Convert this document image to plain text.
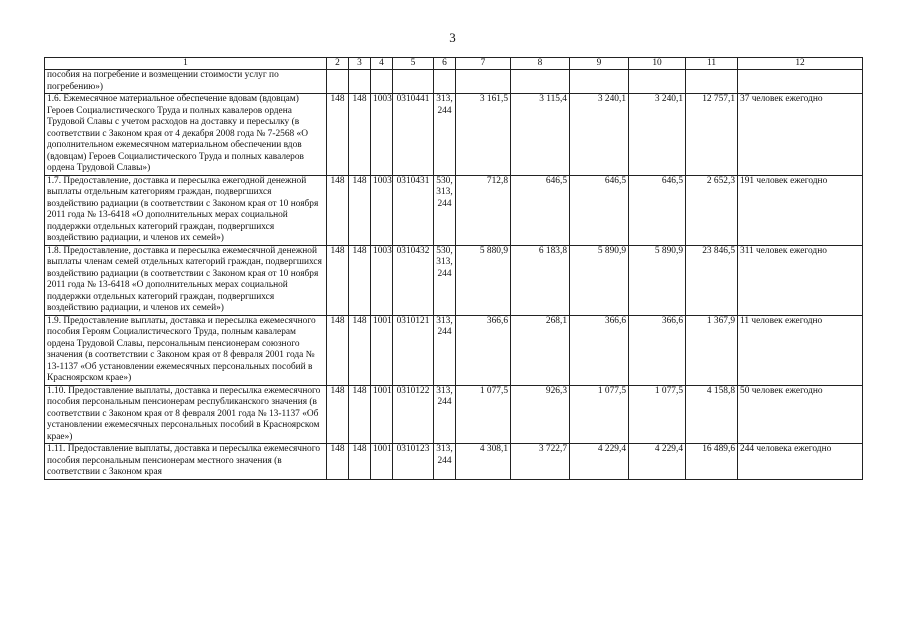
3
1	2	3	4	5	6	7	8	9	10	11	12
пособия на погребение и возмещении стоимости услуг по погребению»)											
1.6. Ежемесячное материальное обеспечение вдовам (вдовцам) Героев Социалистического Труда и полных кавалеров ордена Трудовой Славы с учетом расходов на доставку и пересылку (в соответствии с Законом края от 4 декабря 2008 года № 7-2568 «О дополнительном ежемесячном материальном обеспечении вдов (вдовцам) Героев Социалистического Труда и полных кавалеров ордена Трудовой Славы»)	148	148	1003	0310441	313, 244	3 161,5	3 115,4	3 240,1	3 240,1	12 757,1	37 человек ежегодно
1.7. Предоставление, доставка и пересылка ежегодной денежной выплаты отдельным категориям граждан, подвергшихся воздействию радиации (в соответствии с Законом края от 10 ноября 2011 года № 13-6418 «О дополнительных мерах социальной поддержки отдельных категорий граждан, подвергшихся воздействию радиации, и членов их семей»)	148	148	1003	0310431	530, 313, 244	712,8	646,5	646,5	646,5	2 652,3	191 человек ежегодно
1.8. Предоставление, доставка и пересылка ежемесячной денежной выплаты членам семей отдельных категорий граждан, подвергшихся воздействию радиации (в соответствии с Законом края от 10 ноября 2011 года № 13-6418 «О дополнительных мерах социальной поддержки отдельных категорий граждан, подвергшихся воздействию радиации, и членов их семей»)	148	148	1003	0310432	530, 313, 244	5 880,9	6 183,8	5 890,9	5 890,9	23 846,5	311 человек ежегодно
1.9. Предоставление выплаты, доставка и пересылка ежемесячного пособия Героям Социалистического Труда, полным кавалерам ордена Трудовой Славы, персональным пенсионерам союзного значения (в соответствии с Законом края от 8 февраля 2001 года № 13-1137 «Об установлении ежемесячных персональных пособий в Красноярском крае»)	148	148	1001	0310121	313, 244	366,6	268,1	366,6	366,6	1 367,9	11 человек ежегодно
1.10. Предоставление выплаты, доставка и пересылка ежемесячного пособия персональным пенсионерам республиканского значения (в соответствии с Законом края от 8 февраля 2001 года № 13-1137 «Об установлении ежемесячных персональных пособий в Красноярском крае»)	148	148	1001	0310122	313, 244	1 077,5	926,3	1 077,5	1 077,5	4 158,8	50 человек ежегодно
1.11. Предоставление выплаты, доставка и пересылка ежемесячного пособия персональным пенсионерам местного значения (в соответствии с Законом края	148	148	1001	0310123	313, 244	4 308,1	3 722,7	4 229,4	4 229,4	16 489,6	244 человека ежегодно
